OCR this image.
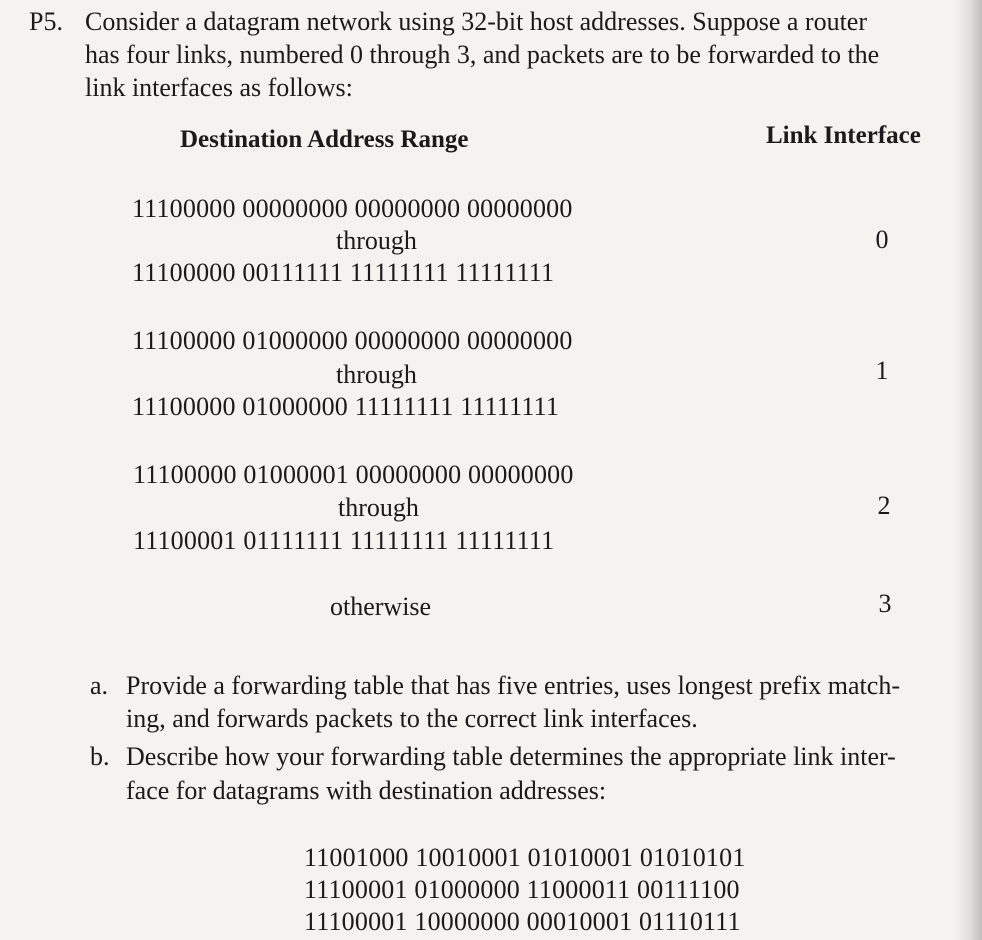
P5. Consider a datagram network using 32-bit host addresses. Suppose a router
has four links, numbered 0 through 3, and packets are to be forwarded to the
link interfaces as follows:
Destination Address Range	Link Interface
11100000 00000000 00000000 00000000
through
11100000 00111111 11111111 11111111
0
11100000 01000000 00000000 00000000
through
11100000 01000000 11111111 11111111
1
11100000 01000001 00000000 00000000
through
11100001 01111111 11111111 11111111
2
otherwise	3
a. Provide a forwarding table that has five entries, uses longest prefix match-
ing, and forwards packets to the correct link interfaces.
b. Describe how your forwarding table determines the appropriate link inter-
face for datagrams with destination addresses:
11001000 10010001 01010001 01010101
11100001 01000000 11000011 00111100
11100001 10000000 00010001 01110111
